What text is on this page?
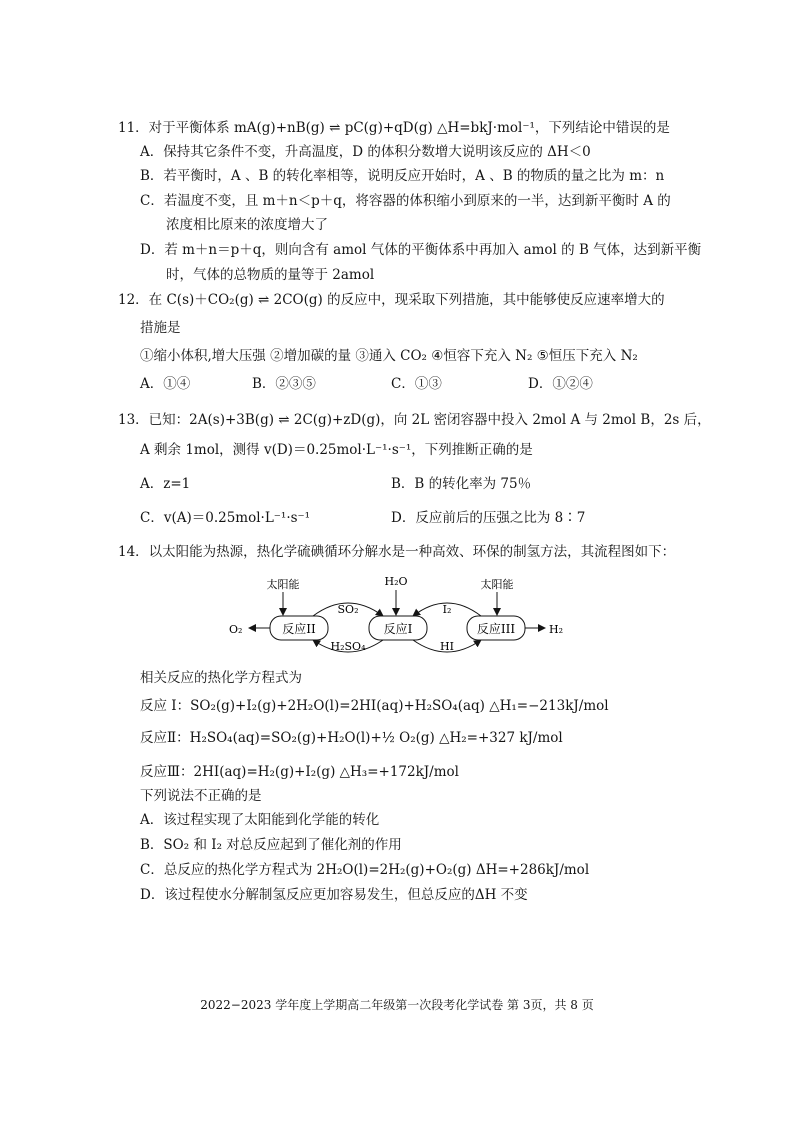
11．对于平衡体系 mA(g)+nB(g) ⇌ pC(g)+qD(g) △H=bkJ·mol⁻¹，下列结论中错误的是
A．保持其它条件不变，升高温度，D 的体积分数增大说明该反应的 ΔH＜0
B．若平衡时，A 、B 的转化率相等，说明反应开始时，A 、B 的物质的量之比为 m：n
C．若温度不变，且 m＋n＜p＋q，将容器的体积缩小到原来的一半，达到新平衡时 A 的
浓度相比原来的浓度增大了
D．若 m＋n＝p＋q，则向含有 amol 气体的平衡体系中再加入 amol 的 B 气体，达到新平衡
时，气体的总物质的量等于 2amol
12．在 C(s)＋CO₂(g) ⇌ 2CO(g) 的反应中，现采取下列措施，其中能够使反应速率增大的
措施是
①缩小体积,增大压强 ②增加碳的量 ③通入 CO₂ ④恒容下充入 N₂ ⑤恒压下充入 N₂
A．①④	B．②③⑤	C．①③	D．①②④
13．已知：2A(s)+3B(g) ⇌ 2C(g)+zD(g)，向 2L 密闭容器中投入 2mol A 与 2mol B，2s 后，
A 剩余 1mol，测得 v(D)＝0.25mol·L⁻¹·s⁻¹，下列推断正确的是
A．z=1	B．B 的转化率为 75％
C．v(A)＝0.25mol·L⁻¹·s⁻¹	D．反应前后的压强之比为 8∶7
14．以太阳能为热源，热化学硫碘循环分解水是一种高效、环保的制氢方法，其流程图如下：
反应II	反应I	反应III
太阳能	太阳能
H₂O
O₂	H₂
SO₂
H₂SO₄
I₂
HI
相关反应的热化学方程式为
反应 I：SO₂(g)+I₂(g)+2H₂O(l)=2HI(aq)+H₂SO₄(aq) △H₁=−213kJ/mol
反应Ⅱ：H₂SO₄(aq)=SO₂(g)+H₂O(l)+½ O₂(g) △H₂=+327 kJ/mol
反应Ⅲ：2HI(aq)=H₂(g)+I₂(g) △H₃=+172kJ/mol
下列说法不正确的是
A．该过程实现了太阳能到化学能的转化
B．SO₂ 和 I₂ 对总反应起到了催化剂的作用
C．总反应的热化学方程式为 2H₂O(l)=2H₂(g)+O₂(g) ΔH=+286kJ/mol
D．该过程使水分解制氢反应更加容易发生，但总反应的ΔH 不变
2022−2023 学年度上学期高二年级第一次段考化学试卷 第 3页，共 8 页
